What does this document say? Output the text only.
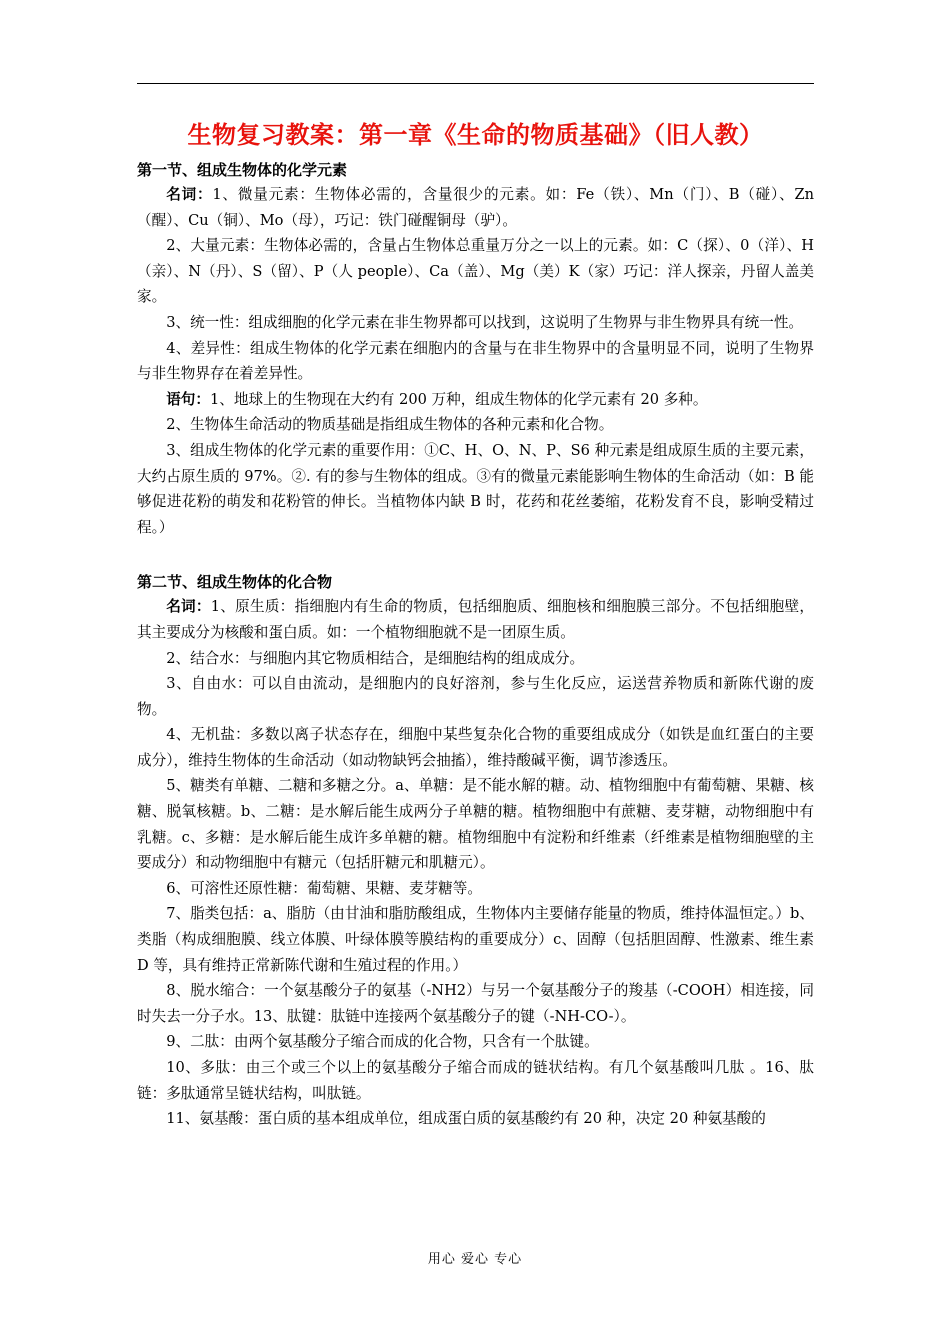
生物复习教案：第一章《生命的物质基础》（旧人教）
第一节、组成生物体的化学元素

名词：1、微量元素：生物体必需的，含量很少的元素。如：Fe（铁）、Mn（门）、B（碰）、Zn（醒）、Cu（铜）、Mo（母），巧记：铁门碰醒铜母（驴）。

2、大量元素：生物体必需的，含量占生物体总重量万分之一以上的元素。如：C（探）、0（洋）、H（亲）、N（丹）、S（留）、P（人 people）、Ca（盖）、Mg（美）K（家）巧记：洋人探亲，丹留人盖美家。

3、统一性：组成细胞的化学元素在非生物界都可以找到，这说明了生物界与非生物界具有统一性。

4、差异性：组成生物体的化学元素在细胞内的含量与在非生物界中的含量明显不同，说明了生物界与非生物界存在着差异性。

语句：1、地球上的生物现在大约有 200 万种，组成生物体的化学元素有 20 多种。

2、生物体生命活动的物质基础是指组成生物体的各种元素和化合物。

3、组成生物体的化学元素的重要作用：①C、H、O、N、P、S6 种元素是组成原生质的主要元素，大约占原生质的 97%。②. 有的参与生物体的组成。③有的微量元素能影响生物体的生命活动（如：B 能够促进花粉的萌发和花粉管的伸长。当植物体内缺 B 时，花药和花丝萎缩，花粉发育不良，影响受精过程。）

第二节、组成生物体的化合物

名词：1、原生质：指细胞内有生命的物质，包括细胞质、细胞核和细胞膜三部分。不包括细胞壁，其主要成分为核酸和蛋白质。如：一个植物细胞就不是一团原生质。

2、结合水：与细胞内其它物质相结合，是细胞结构的组成成分。

3、自由水：可以自由流动，是细胞内的良好溶剂，参与生化反应，运送营养物质和新陈代谢的废物。

4、无机盐：多数以离子状态存在，细胞中某些复杂化合物的重要组成成分（如铁是血红蛋白的主要成分），维持生物体的生命活动（如动物缺钙会抽搐），维持酸碱平衡，调节渗透压。

5、糖类有单糖、二糖和多糖之分。a、单糖：是不能水解的糖。动、植物细胞中有葡萄糖、果糖、核糖、脱氧核糖。b、二糖：是水解后能生成两分子单糖的糖。植物细胞中有蔗糖、麦芽糖，动物细胞中有乳糖。c、多糖：是水解后能生成许多单糖的糖。植物细胞中有淀粉和纤维素（纤维素是植物细胞壁的主要成分）和动物细胞中有糖元（包括肝糖元和肌糖元）。

6、可溶性还原性糖：葡萄糖、果糖、麦芽糖等。

7、脂类包括：a、脂肪（由甘油和脂肪酸组成，生物体内主要储存能量的物质，维持体温恒定。）b、类脂（构成细胞膜、线立体膜、叶绿体膜等膜结构的重要成分）c、固醇（包括胆固醇、性激素、维生素 D 等，具有维持正常新陈代谢和生殖过程的作用。）

8、脱水缩合：一个氨基酸分子的氨基（-NH2）与另一个氨基酸分子的羧基（-COOH）相连接，同时失去一分子水。13、肽键：肽链中连接两个氨基酸分子的键（-NH-CO-）。

9、二肽：由两个氨基酸分子缩合而成的化合物，只含有一个肽键。

10、多肽：由三个或三个以上的氨基酸分子缩合而成的链状结构。有几个氨基酸叫几肽 。16、肽链：多肽通常呈链状结构，叫肽链。

11、氨基酸：蛋白质的基本组成单位，组成蛋白质的氨基酸约有 20 种，决定 20 种氨基酸的

用心 爱心 专心
